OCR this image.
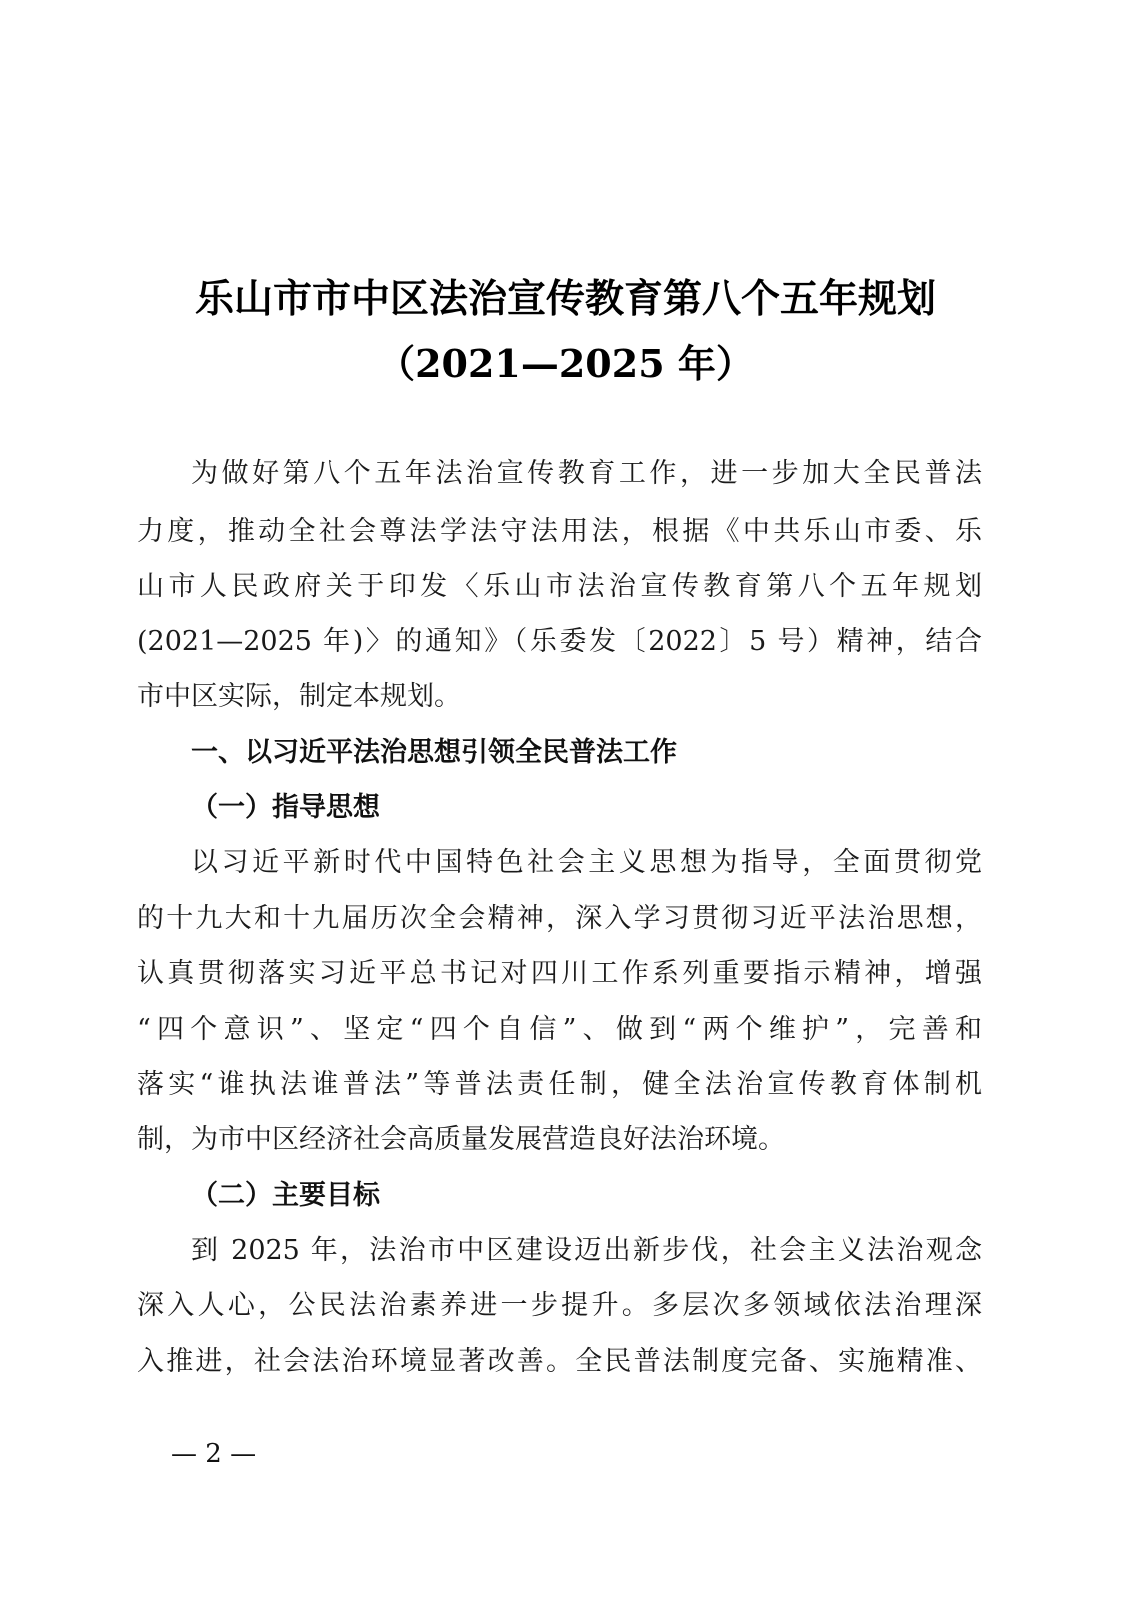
乐山市市中区法治宣传教育第八个五年规划
（2021—2025 年）
为做好第八个五年法治宣传教育工作，进一步加大全民普法
力度，推动全社会尊法学法守法用法，根据《中共乐山市委、乐
山市人民政府关于印发〈乐山市法治宣传教育第八个五年规划
(2021—2025 年)〉的通知》（乐委发〔2022〕5 号）精神，结合
市中区实际，制定本规划。
一、以习近平法治思想引领全民普法工作
（一）指导思想
以习近平新时代中国特色社会主义思想为指导，全面贯彻党
的十九大和十九届历次全会精神，深入学习贯彻习近平法治思想，
认真贯彻落实习近平总书记对四川工作系列重要指示精神，增强
“四个意识”、坚定“四个自信”、做到“两个维护”，完善和
落实“谁执法谁普法”等普法责任制，健全法治宣传教育体制机
制，为市中区经济社会高质量发展营造良好法治环境。
（二）主要目标
到 2025 年，法治市中区建设迈出新步伐，社会主义法治观念
深入人心，公民法治素养进一步提升。多层次多领域依法治理深
入推进，社会法治环境显著改善。全民普法制度完备、实施精准、
— 2 —
